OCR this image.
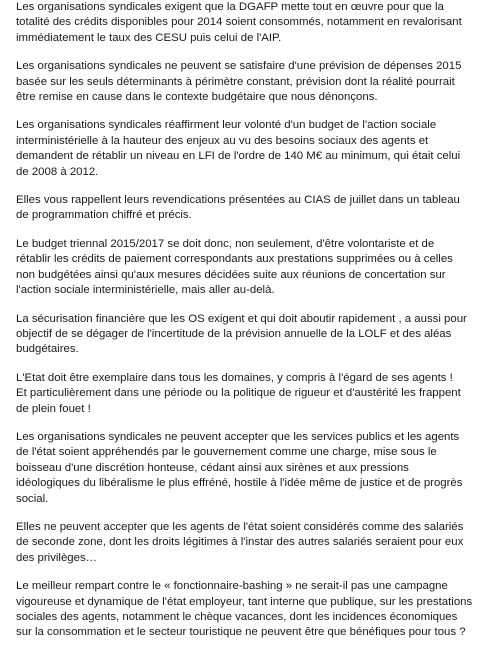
Les organisations syndicales exigent que la DGAFP mette tout en œuvre pour que la
totalité des crédits disponibles pour 2014 soient consommés, notamment en revalorisant
immédiatement le taux des CESU puis celui de l'AIP.

Les organisations syndicales ne peuvent se satisfaire d'une prévision de dépenses 2015
basée sur les seuls déterminants à périmètre constant, prévision dont la réalité pourrait
être remise en cause dans le contexte budgétaire que nous dénonçons.

Les organisations syndicales réaffirment leur volonté d'un budget de l'action sociale
interministérielle à la hauteur des enjeux au vu des besoins sociaux des agents et
demandent de rétablir un niveau en LFI de l'ordre de 140 M€ au minimum, qui était celui
de 2008 à 2012.

Elles vous rappellent leurs revendications présentées au CIAS de juillet dans un tableau
de programmation chiffré et précis.

Le budget triennal 2015/2017 se doit donc, non seulement, d'être volontariste et de
rétablir les crédits de paiement correspondants aux prestations supprimées ou à celles
non budgétées ainsi qu'aux mesures décidées suite aux réunions de concertation sur
l'action sociale interministérielle, mais aller au-delà.

La sécurisation financière que les OS exigent et qui doit aboutir rapidement , a aussi pour
objectif de se dégager de l'incertitude de la prévision annuelle de la LOLF et des aléas
budgétaires.

L'Etat doit être exemplaire dans tous les domaines, y compris à l'égard de ses agents !
Et particulièrement dans une période ou la politique de rigueur et d'austérité les frappent
de plein fouet !

Les organisations syndicales ne peuvent accepter que les services publics et les agents
de l'état soient appréhendés par le gouvernement comme une charge, mise sous le
boisseau d'une discrétion honteuse, cédant ainsi aux sirènes et aux pressions
idéologiques du libéralisme le plus effréné, hostile à l'idée même de justice et de progrès
social.

Elles ne peuvent accepter que les agents de l'état soient considérés comme des salariés
de seconde zone, dont les droits légitimes à l'instar des autres salariés seraient pour eux
des privilèges…

Le meilleur rempart contre le « fonctionnaire-bashing » ne serait-il pas une campagne
vigoureuse et dynamique de l'état employeur, tant interne que publique, sur les prestations
sociales des agents, notamment le chèque vacances, dont les incidences économiques
sur la consommation et le secteur touristique ne peuvent être que bénéfiques pour tous ?
